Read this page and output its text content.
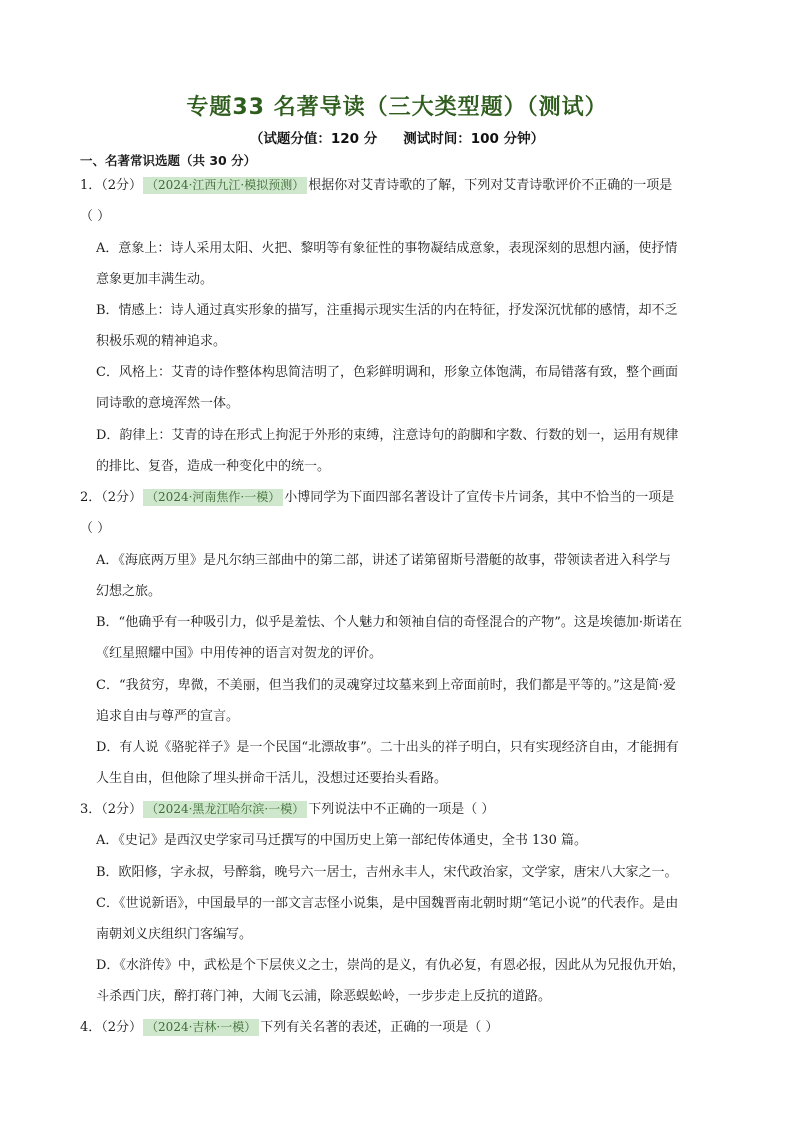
专题33 名著导读（三大类型题）（测试）
（试题分值：120 分 测试时间：100 分钟）
一、名著常识选题（共 30 分）
1．（2分） （2024·江西九江·模拟预测） 根据你对艾青诗歌的了解，下列对艾青诗歌评价不正确的一项是
（ ）
A．意象上：诗人采用太阳、火把、黎明等有象征性的事物凝结成意象，表现深刻的思想内涵，使抒情
意象更加丰满生动。
B．情感上：诗人通过真实形象的描写，注重揭示现实生活的内在特征，抒发深沉忧郁的感情，却不乏
积极乐观的精神追求。
C．风格上：艾青的诗作整体构思简洁明了，色彩鲜明调和，形象立体饱满，布局错落有致，整个画面
同诗歌的意境浑然一体。
D．韵律上：艾青的诗在形式上拘泥于外形的束缚，注意诗句的韵脚和字数、行数的划一，运用有规律
的排比、复沓，造成一种变化中的统一。
2．（2分） （2024·河南焦作·一模） 小博同学为下面四部名著设计了宣传卡片词条，其中不恰当的一项是
（ ）
A．《海底两万里》是凡尔纳三部曲中的第二部，讲述了诺第留斯号潜艇的故事，带领读者进入科学与
幻想之旅。
B．“他确乎有一种吸引力，似乎是羞怯、个人魅力和领袖自信的奇怪混合的产物”。这是埃德加·斯诺在
《红星照耀中国》中用传神的语言对贺龙的评价。
C．“我贫穷，卑微，不美丽，但当我们的灵魂穿过坟墓来到上帝面前时，我们都是平等的。”这是简·爱
追求自由与尊严的宣言。
D．有人说《骆驼祥子》是一个民国“北漂故事”。二十出头的祥子明白，只有实现经济自由，才能拥有
人生自由，但他除了埋头拼命干活儿，没想过还要抬头看路。
3．（2分） （2024·黑龙江哈尔滨·一模） 下列说法中不正确的一项是（ ）
A．《史记》是西汉史学家司马迁撰写的中国历史上第一部纪传体通史，全书 130 篇。
B．欧阳修，字永叔，号醉翁，晚号六一居士，吉州永丰人，宋代政治家，文学家，唐宋八大家之一。
C．《世说新语》，中国最早的一部文言志怪小说集，是中国魏晋南北朝时期“笔记小说”的代表作。是由
南朝刘义庆组织门客编写。
D．《水浒传》中，武松是个下层侠义之士，崇尚的是义，有仇必复，有恩必报，因此从为兄报仇开始，
斗杀西门庆，醉打蒋门神，大闹飞云浦，除恶蜈蚣岭，一步步走上反抗的道路。
4．（2分） （2024·吉林·一模） 下列有关名著的表述，正确的一项是（ ）
